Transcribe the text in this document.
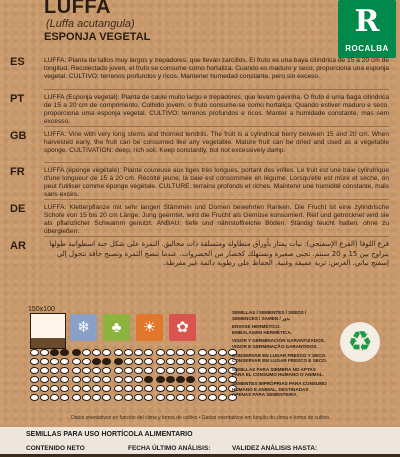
LUFFA
(Luffa acutangula)
ESPONJA VEGETAL	R
ROCALBA
ES	LUFFA: Planta de tallos muy largos y trepadores, que llevan zarcillos. El fruto es una baya cilíndrica de 15 a 20 cm de longitud. Recolectado joven, el fruto se consume como hortaliza. Cuando es maduro y seco, proporciona una esponja vegetal. CULTIVO: terrenos profundos y ricos. Mantener humedad constante, pero sin exceso.
PT	LUFFA (Esponja vegetal): Planta de caule muito largo e trepadores, que levam gavinha. O fruto é uma baga cilíndrica de 15 a 20 cm de comprimento. Colhido jovem, o fruto consume-se como hortaliça. Quando estiver maduro e seco, proporciona uma esponja vegetal. CULTIVO: terrenos profundos e ricos. Manter a humidade constante, mas sem excesso.
GB	LUFFA: Vine with very long stems and thorned tendrils. The fruit is a cylindrical berry between 15 and 20 cm. When harvested early, the fruit can be consumed like any vegetable. Mature fruit can be dried and used as a vegetable sponge. CULTIVATION: deep, rich soil. Keep constantly, but not excessively damp.
FR	LUFFA (éponge végétale): Plante coureuse aux tiges très longues, portant des vrilles. Le fruit est une baie cylindrique d'une longueur de 15 à 20 cm. Récolté jeune, la baie est consommée en légume. Lorsqu'elle est mûre et sèche, on peut l'utiliser comme éponge végétale. CULTURE: terrains profonds et riches. Maintenir une humidité constante, mais sans excès.
DE	LUFFA: Kletterpflanze mit sehr langen Stämmen und Domen bewehrten Ranken. Die Frucht ist eine zylindrische Schote von 15 bis 20 cm Länge. Jung geerntet, wird die Frucht als Gemüse konsumiert. Reif und getrocknet wird sie als pflanzlicher Schwamm genutzt. ANBAU: tiefe und nährstoffreiche Böden. Ständig feucht halten, ohne zu übergießen.
AR	قرع اللوفا (القرع الإسفنجي): نبات يمتاز بأوراق متطاولة ومتسلقة ذات محاليق. الثمرة على شكل حبة اسطوانية طولها يتراوح بين 15 و 20 سنتم. تجنى صغيرة وتستهلك كخضار من الخضروات. عندما تنضج الثمرة وتصبح جافة تتحول إلى إسفنج نباتي. الغرس: تربة عميقة وغنية. الحفاظ على رطوبة دائمة غير مفرطة.
150x100
❄	♣	☀	✿
SEMILLAS / SEMENTES / SEEDS /
SEMENCES / SAMEN / بذور
ENVASE HERMÉTICO.
EMBALAGEM HERMÉTICA.
VIGOR Y GERMINACIÓN GARANTIZADOS.
VIGOR E GERMINAÇÃO GARANTIDOS.
CONSERVAR EN LUGAR FRESCO Y SECO.
CONSERVAR EM LUGAR FRESCO E SECO.
SEMILLAS PARA SIEMBRA NO APTAS
PARA EL CONSUMO HUMANO O ANIMAL.
SEMENTES IMPRÓPRIAS PARA CONSUMO
HUMANO E ANIMAL. DESTINADAS
APENAS PARA SEMENTEIRA.
♻
Datos orientativos en función del clima y forma de cultivo • Dados orientativos em função do clima e forma de cultivo
SEMILLAS PARA USO HORTÍCOLA ALIMENTARIO
CONTENIDO NETO	FECHA ÚLTIMO ANÁLISIS:	VALIDEZ ANÁLISIS HASTA:
